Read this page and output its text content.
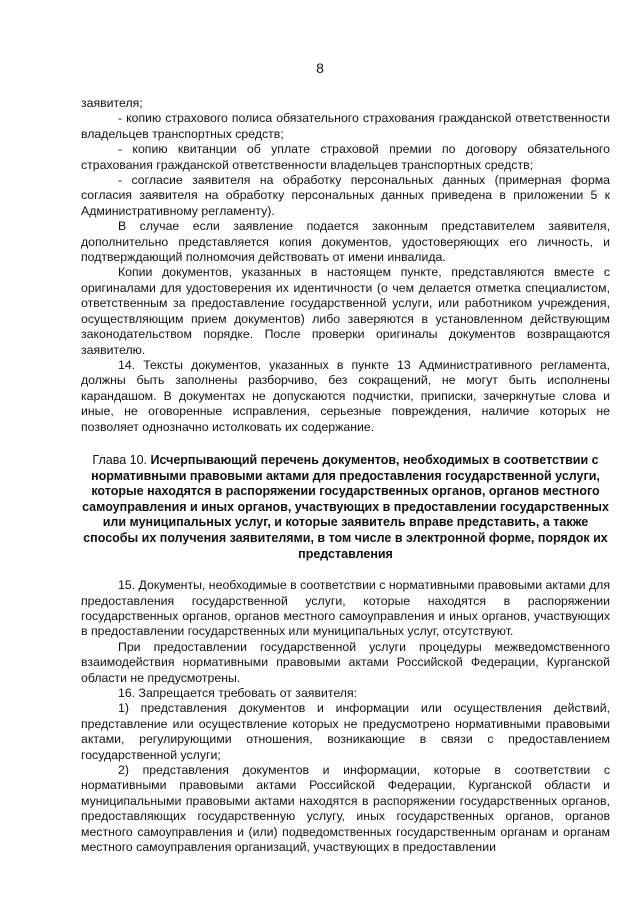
8

заявителя;

- копию страхового полиса обязательного страхования гражданской ответственности владельцев транспортных средств;

- копию квитанции об уплате страховой премии по договору обязательного страхования гражданской ответственности владельцев транспортных средств;

- согласие заявителя на обработку персональных данных (примерная форма согласия заявителя на обработку персональных данных приведена в приложении 5 к Административному регламенту).

В случае если заявление подается законным представителем заявителя, дополнительно представляется копия документов, удостоверяющих его личность, и подтверждающий полномочия действовать от имени инвалида.

Копии документов, указанных в настоящем пункте, представляются вместе с оригиналами для удостоверения их идентичности (о чем делается отметка специалистом, ответственным за предоставление государственной услуги, или работником учреждения, осуществляющим прием документов) либо заверяются в установленном действующим законодательством порядке. После проверки оригиналы документов возвращаются заявителю.

14. Тексты документов, указанных в пункте 13 Административного регламента, должны быть заполнены разборчиво, без сокращений, не могут быть исполнены карандашом. В документах не допускаются подчистки, приписки, зачеркнутые слова и иные, не оговоренные исправления, серьезные повреждения, наличие которых не позволяет однозначно истолковать их содержание.

Глава 10. Исчерпывающий перечень документов, необходимых в соответствии с нормативными правовыми актами для предоставления государственной услуги, которые находятся в распоряжении государственных органов, органов местного самоуправления и иных органов, участвующих в предоставлении государственных или муниципальных услуг, и которые заявитель вправе представить, а также способы их получения заявителями, в том числе в электронной форме, порядок их представления

15. Документы, необходимые в соответствии с нормативными правовыми актами для предоставления государственной услуги, которые находятся в распоряжении государственных органов, органов местного самоуправления и иных органов, участвующих в предоставлении государственных или муниципальных услуг, отсутствуют.

При предоставлении государственной услуги процедуры межведомственного взаимодействия нормативными правовыми актами Российской Федерации, Курганской области не предусмотрены.

16. Запрещается требовать от заявителя:

1) представления документов и информации или осуществления действий, представление или осуществление которых не предусмотрено нормативными правовыми актами, регулирующими отношения, возникающие в связи с предоставлением государственной услуги;

2) представления документов и информации, которые в соответствии с нормативными правовыми актами Российской Федерации, Курганской области и муниципальными правовыми актами находятся в распоряжении государственных органов, предоставляющих государственную услугу, иных государственных органов, органов местного самоуправления и (или) подведомственных государственным органам и органам местного самоуправления организаций, участвующих в предоставлении
